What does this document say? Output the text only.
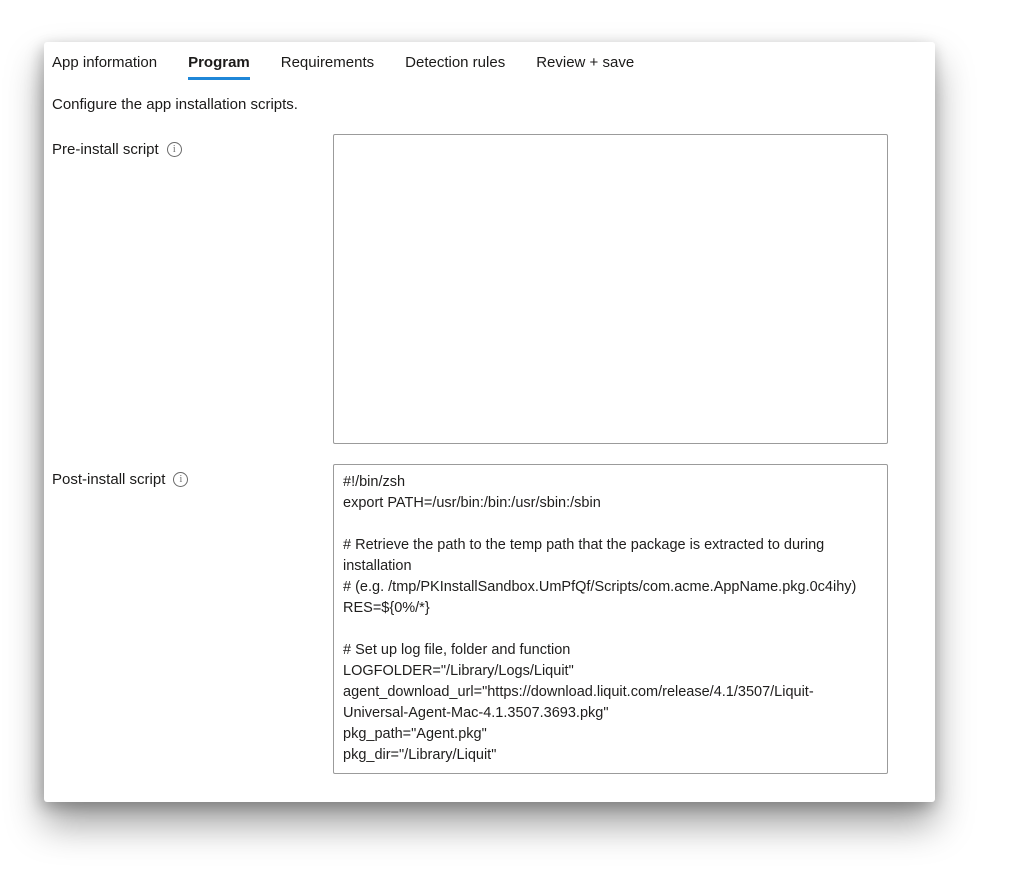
App information Program Requirements Detection rules Review + save
Configure the app installation scripts.
Pre-install script	i
Post-install script	i
#!/bin/zsh export PATH=/usr/bin:/bin:/usr/sbin:/sbin # Retrieve the path to the temp path that the package is extracted to during installation # (e.g. /tmp/PKInstallSandbox.UmPfQf/Scripts/com.acme.AppName.pkg.0c4ihy) RES=${0%/*} # Set up log file, folder and function LOGFOLDER="/Library/Logs/Liquit" agent_download_url="https://download.liquit.com/release/4.1/3507/Liquit-Universal-Agent-Mac-4.1.3507.3693.pkg" pkg_path="Agent.pkg" pkg_dir="/Library/Liquit"
